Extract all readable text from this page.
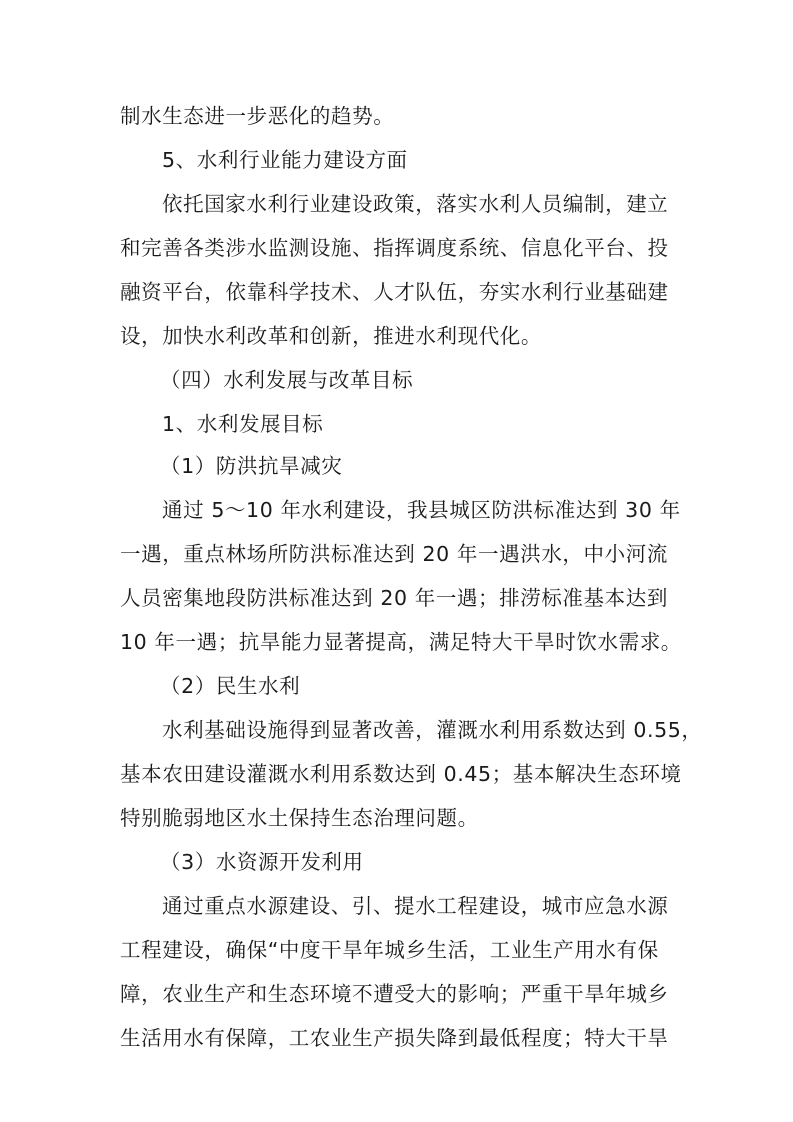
制水生态进一步恶化的趋势。
5、水利行业能力建设方面
依托国家水利行业建设政策，落实水利人员编制，建立
和完善各类涉水监测设施、指挥调度系统、信息化平台、投
融资平台，依靠科学技术、人才队伍，夯实水利行业基础建
设，加快水利改革和创新，推进水利现代化。
（四）水利发展与改革目标
1、水利发展目标
（1）防洪抗旱减灾
通过 5～10 年水利建设，我县城区防洪标准达到 30 年
一遇，重点林场所防洪标准达到 20 年一遇洪水，中小河流
人员密集地段防洪标准达到 20 年一遇；排涝标准基本达到
10 年一遇；抗旱能力显著提高，满足特大干旱时饮水需求。
（2）民生水利
水利基础设施得到显著改善，灌溉水利用系数达到 0.55，
基本农田建设灌溉水利用系数达到 0.45；基本解决生态环境
特别脆弱地区水土保持生态治理问题。
（3）水资源开发利用
通过重点水源建设、引、提水工程建设，城市应急水源
工程建设，确保“中度干旱年城乡生活，工业生产用水有保
障，农业生产和生态环境不遭受大的影响；严重干旱年城乡
生活用水有保障，工农业生产损失降到最低程度；特大干旱
